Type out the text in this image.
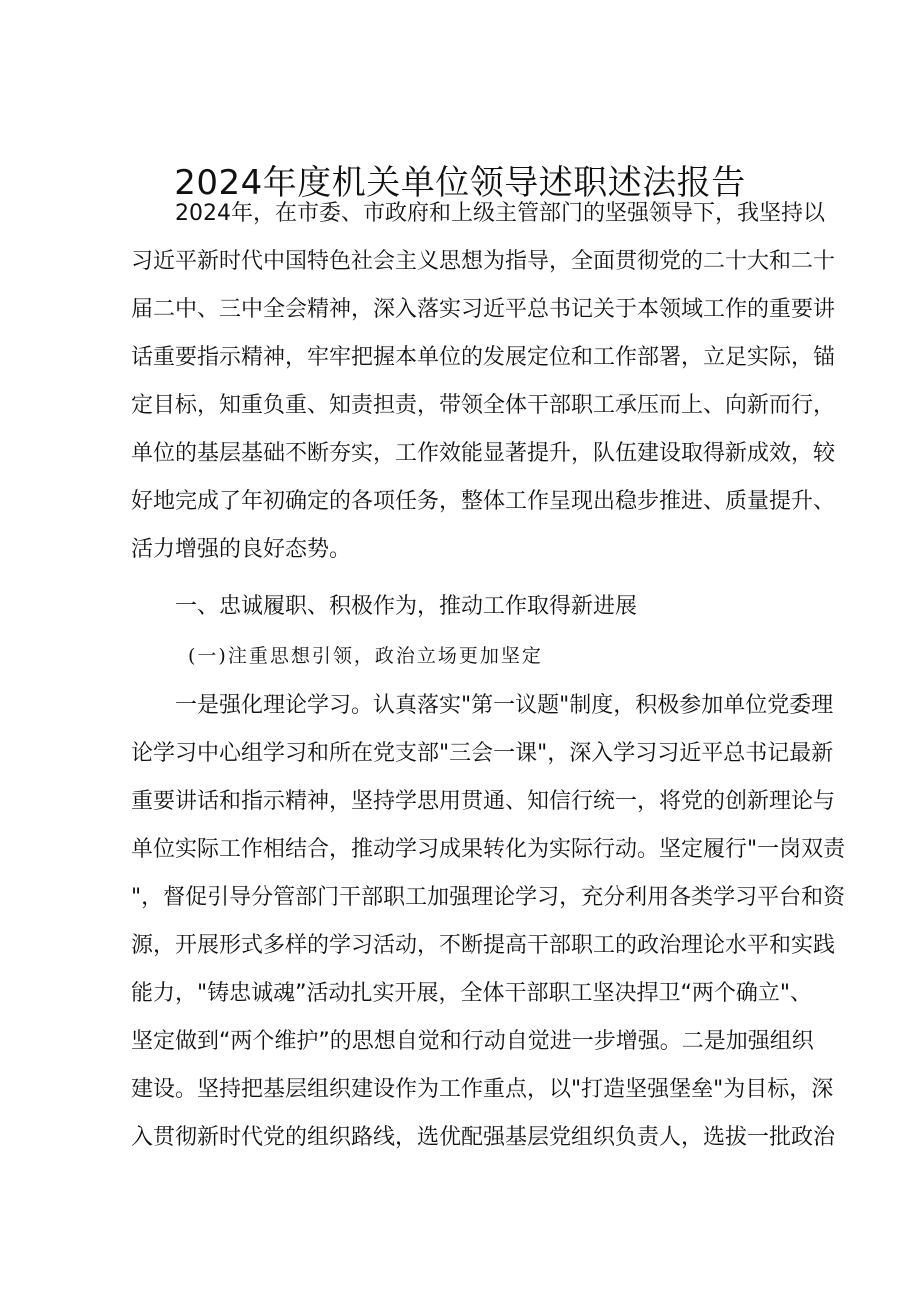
2024年度机关单位领导述职述法报告
2024年，在市委、市政府和上级主管部门的坚强领导下，我坚持以
习近平新时代中国特色社会主义思想为指导，全面贯彻党的二十大和二十
届二中、三中全会精神，深入落实习近平总书记关于本领域工作的重要讲
话重要指示精神，牢牢把握本单位的发展定位和工作部署，立足实际，锚
定目标，知重负重、知责担责，带领全体干部职工承压而上、向新而行，
单位的基层基础不断夯实，工作效能显著提升，队伍建设取得新成效，较
好地完成了年初确定的各项任务，整体工作呈现出稳步推进、质量提升、
活力增强的良好态势。
一、忠诚履职、积极作为，推动工作取得新进展
(一)注重思想引领，政治立场更加坚定
一是强化理论学习。认真落实"第一议题"制度，积极参加单位党委理
论学习中心组学习和所在党支部"三会一课"，深入学习习近平总书记最新
重要讲话和指示精神，坚持学思用贯通、知信行统一，将党的创新理论与
单位实际工作相结合，推动学习成果转化为实际行动。坚定履行"一岗双责
"，督促引导分管部门干部职工加强理论学习，充分利用各类学习平台和资
源，开展形式多样的学习活动，不断提高干部职工的政治理论水平和实践
能力，"铸忠诚魂”活动扎实开展，全体干部职工坚决捍卫“两个确立"、
坚定做到“两个维护”的思想自觉和行动自觉进一步增强。二是加强组织
建设。坚持把基层组织建设作为工作重点，以"打造坚强堡垒"为目标，深
入贯彻新时代党的组织路线，选优配强基层党组织负责人，选拔一批政治
